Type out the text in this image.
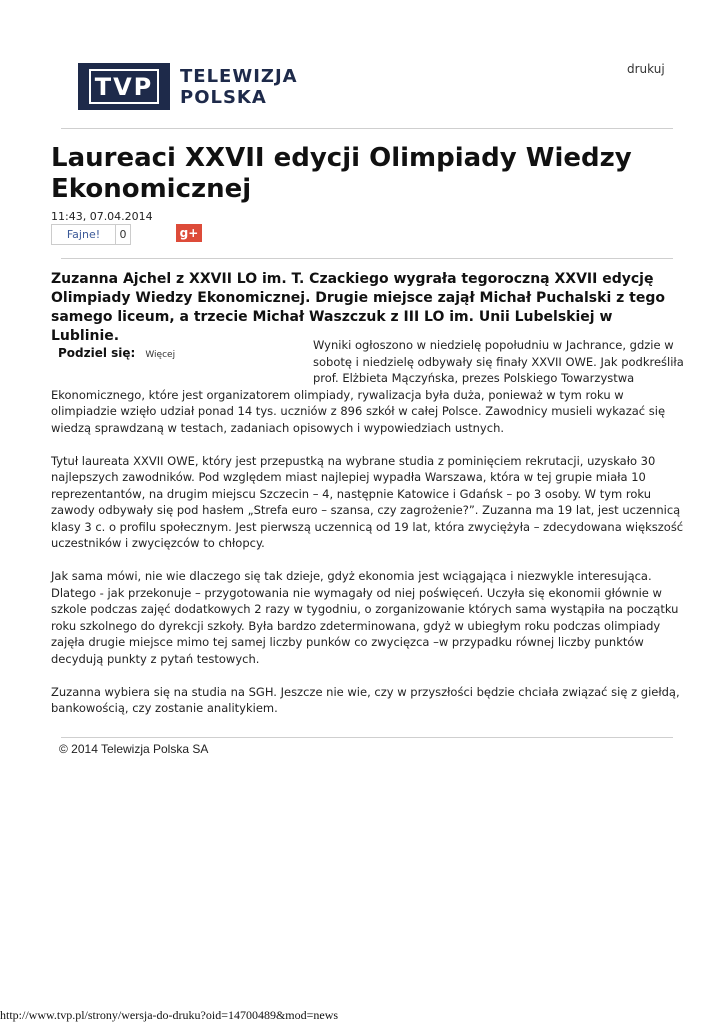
drukuj
TVP	TELEWIZJA
POLSKA
Laureaci XXVII edycji Olimpiady Wiedzy Ekonomicznej
11:43, 07.04.2014
Fajne!	0	g+

Zuzanna Ajchel z XXVII LO im. T. Czackiego wygrała tegoroczną XXVII edycję Olimpiady Wiedzy Ekonomicznej. Drugie miejsce zajął Michał Puchalski z tego samego liceum, a trzecie Michał Waszczuk z III LO im. Unii Lubelskiej w Lublinie.

Podziel się: Więcej

Wyniki ogłoszono w niedzielę popołudniu w Jachrance, gdzie w sobotę i niedzielę odbywały się finały XXVII OWE. Jak podkreśliła prof. Elżbieta Mączyńska, prezes Polskiego Towarzystwa Ekonomicznego, które jest organizatorem olimpiady, rywalizacja była duża, ponieważ w tym roku w olimpiadzie wzięło udział ponad 14 tys. uczniów z 896 szkół w całej Polsce. Zawodnicy musieli wykazać się wiedzą sprawdzaną w testach, zadaniach opisowych i wypowiedziach ustnych.

Tytuł laureata XXVII OWE, który jest przepustką na wybrane studia z pominięciem rekrutacji, uzyskało 30 najlepszych zawodników. Pod względem miast najlepiej wypadła Warszawa, która w tej grupie miała 10 reprezentantów, na drugim miejscu Szczecin – 4, następnie Katowice i Gdańsk – po 3 osoby. W tym roku zawody odbywały się pod hasłem „Strefa euro – szansa, czy zagrożenie?”. Zuzanna ma 19 lat, jest uczennicą klasy 3 c. o profilu społecznym. Jest pierwszą uczennicą od 19 lat, która zwyciężyła – zdecydowana większość uczestników i zwycięzców to chłopcy.

Jak sama mówi, nie wie dlaczego się tak dzieje, gdyż ekonomia jest wciągająca i niezwykle interesująca. Dlatego - jak przekonuje – przygotowania nie wymagały od niej poświęceń. Uczyła się ekonomii głównie w szkole podczas zajęć dodatkowych 2 razy w tygodniu, o zorganizowanie których sama wystąpiła na początku roku szkolnego do dyrekcji szkoły. Była bardzo zdeterminowana, gdyż w ubiegłym roku podczas olimpiady zajęła drugie miejsce mimo tej samej liczby punków co zwycięzca –w przypadku równej liczby punktów decydują punkty z pytań testowych.

Zuzanna wybiera się na studia na SGH. Jeszcze nie wie, czy w przyszłości będzie chciała związać się z giełdą, bankowością, czy zostanie analitykiem.

© 2014 Telewizja Polska SA
http://www.tvp.pl/strony/wersja-do-druku?oid=14700489&mod=news
